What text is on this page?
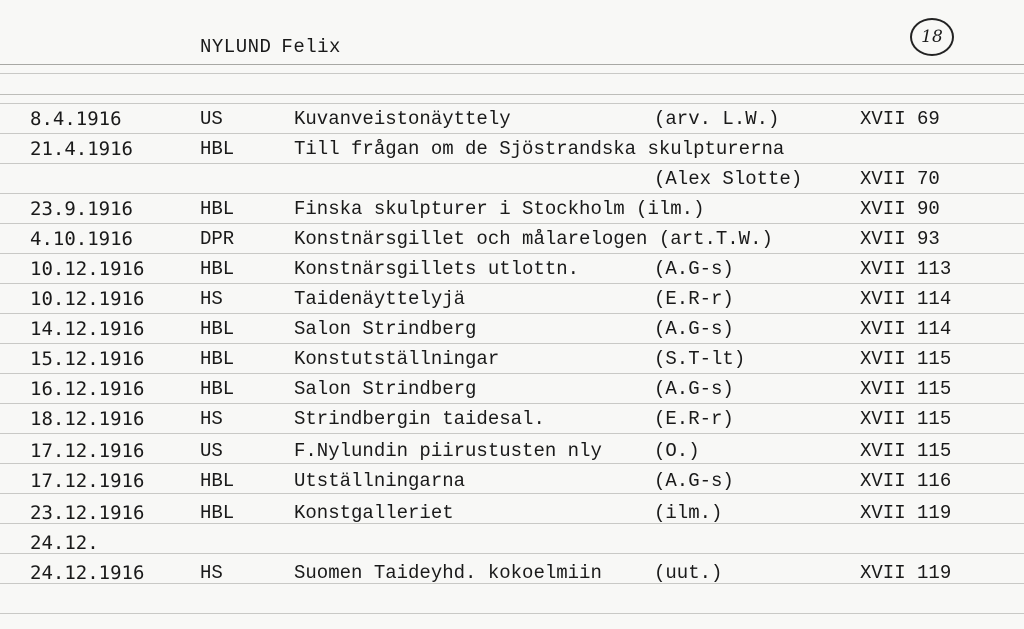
NYLUND Felix	18
8.4.1916	US	Kuvanveistonäyttely	(arv. L.W.)	XVII 69
21.4.1916	HBL	Till frågan om de Sjöstrandska skulpturerna
(Alex Slotte)	XVII 70
23.9.1916	HBL	Finska skulpturer i Stockholm (ilm.)	XVII 90
4.10.1916	DPR	Konstnärsgillet och målarelogen (art.T.W.)	XVII 93
10.12.1916	HBL	Konstnärsgillets utlottn.	(A.G-s)	XVII 113
10.12.1916	HS	Taidenäyttelyjä	(E.R-r)	XVII 114
14.12.1916	HBL	Salon Strindberg	(A.G-s)	XVII 114
15.12.1916	HBL	Konstutställningar	(S.T-lt)	XVII 115
16.12.1916	HBL	Salon Strindberg	(A.G-s)	XVII 115
18.12.1916	HS	Strindbergin taidesal.	(E.R-r)	XVII 115
17.12.1916	US	F.Nylundin piirustusten nly	(O.)	XVII 115
17.12.1916	HBL	Utställningarna	(A.G-s)	XVII 116
23.12.1916	HBL	Konstgalleriet	(ilm.)	XVII 119
24.12.
24.12.1916	HS	Suomen Taideyhd. kokoelmiin	(uut.)	XVII 119
